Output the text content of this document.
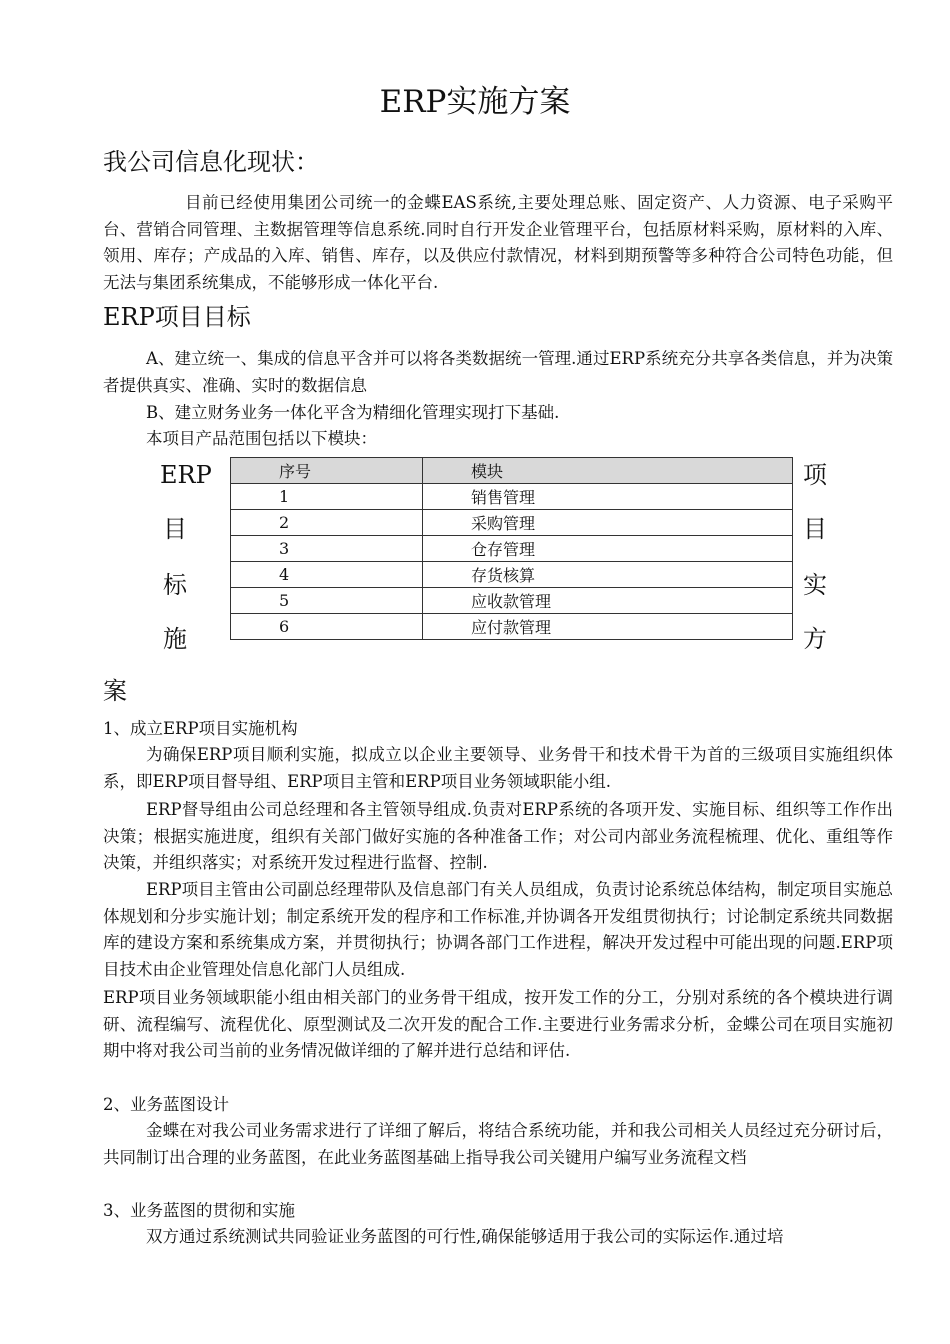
ERP实施方案
我公司信息化现状：

目前已经使用集团公司统一的金蝶EAS系统,主要处理总账、固定资产、人力资源、电子采购平台、营销合同管理、主数据管理等信息系统.同时自行开发企业管理平台，包括原材料采购，原材料的入库、领用、库存；产成品的入库、销售、库存，以及供应付款情况，材料到期预警等多种符合公司特色功能，但无法与集团系统集成，不能够形成一体化平台.

ERP项目目标

A、建立统一、集成的信息平含并可以将各类数据统一管理.通过ERP系统充分共享各类信息，并为决策者提供真实、准确、实时的数据信息

B、建立财务业务一体化平含为精细化管理实现打下基础.
本项目产品范围包括以下模块：
ERP
目
标
施
项
目
实
方
序号	模块
1	销售管理
2	采购管理
3	仓存管理
4	存货核算
5	应收款管理
6	应付款管理
案
1、成立ERP项目实施机构

为确保ERP项目顺利实施，拟成立以企业主要领导、业务骨干和技术骨干为首的三级项目实施组织体系，即ERP项目督导组、ERP项目主管和ERP项目业务领域职能小组.

ERP督导组由公司总经理和各主管领导组成.负责对ERP系统的各项开发、实施目标、组织等工作作出决策；根据实施进度，组织有关部门做好实施的各种准备工作；对公司内部业务流程梳理、优化、重组等作决策，并组织落实；对系统开发过程进行监督、控制.

ERP项目主管由公司副总经理带队及信息部门有关人员组成，负责讨论系统总体结构，制定项目实施总体规划和分步实施计划；制定系统开发的程序和工作标准,并协调各开发组贯彻执行；讨论制定系统共同数据库的建设方案和系统集成方案，并贯彻执行；协调各部门工作进程，解决开发过程中可能出现的问题.ERP项目技术由企业管理处信息化部门人员组成.

ERP项目业务领域职能小组由相关部门的业务骨干组成，按开发工作的分工，分别对系统的各个模块进行调研、流程编写、流程优化、原型测试及二次开发的配合工作.主要进行业务需求分析，金蝶公司在项目实施初期中将对我公司当前的业务情况做详细的了解并进行总结和评估.

2、业务蓝图设计

金蝶在对我公司业务需求进行了详细了解后，将结合系统功能，并和我公司相关人员经过充分研讨后，共同制订出合理的业务蓝图，在此业务蓝图基础上指导我公司关键用户编写业务流程文档

3、业务蓝图的贯彻和实施
双方通过系统测试共同验证业务蓝图的可行性,确保能够适用于我公司的实际运作.通过培
